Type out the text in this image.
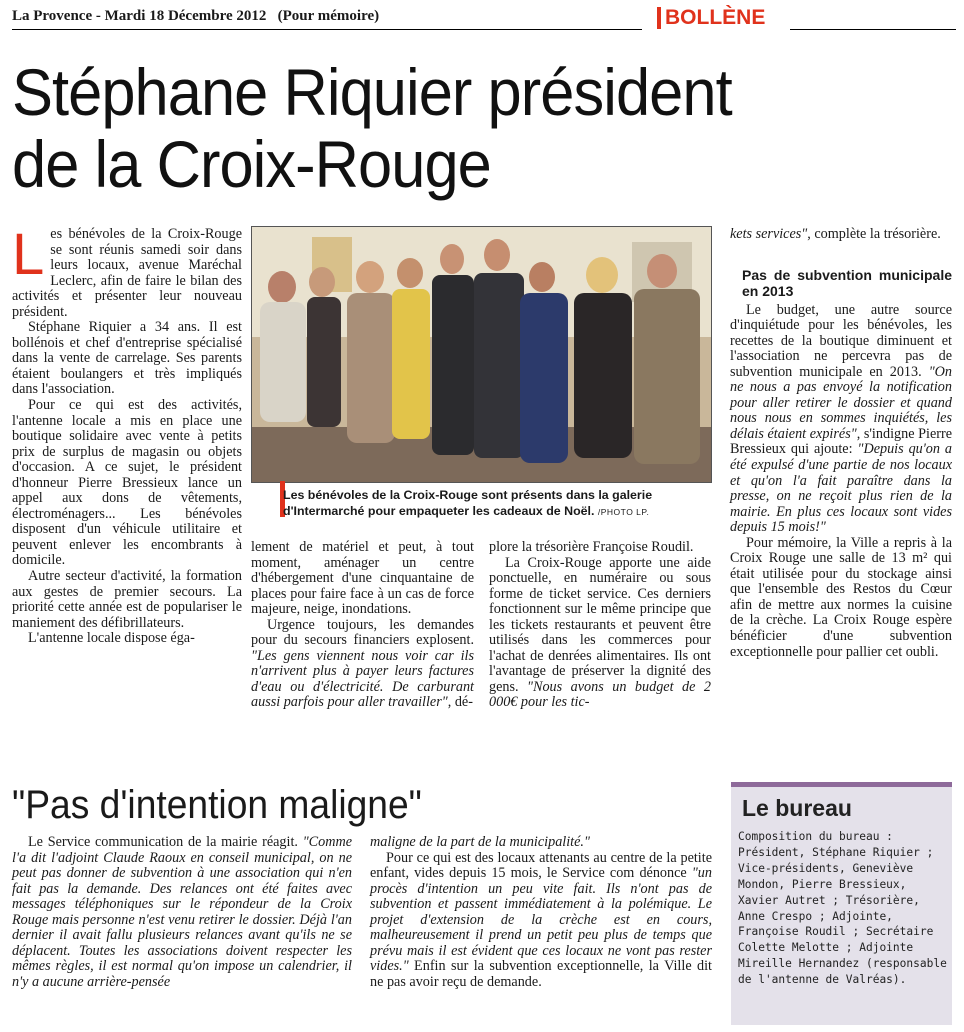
La Provence - Mardi 18 Décembre 2012 (Pour mémoire)	BOLLÈNE
Stéphane Riquier président
de la Croix-Rouge

Les bénévoles de la Croix-Rouge se sont réunis samedi soir dans leurs locaux, avenue Maréchal Leclerc, afin de faire le bilan des activités et présenter leur nouveau président.

Stéphane Riquier a 34 ans. Il est bollénois et chef d'entreprise spécialisé dans la vente de carrelage. Ses parents étaient boulangers et très impliqués dans l'association.

Pour ce qui est des activités, l'antenne locale a mis en place une boutique solidaire avec vente à petits prix de surplus de magasin ou objets d'occasion. A ce sujet, le président d'honneur Pierre Bressieux lance un appel aux dons de vêtements, électroménagers... Les bénévoles disposent d'un véhicule utilitaire et peuvent enlever les encombrants à domicile.

Autre secteur d'activité, la formation aux gestes de premier secours. La priorité cette année est de populariser le maniement des défibrillateurs.

L'antenne locale dispose éga-

Les bénévoles de la Croix-Rouge sont présents dans la galerie d'Intermarché pour empaqueter les cadeaux de Noël. /PHOTO LP.

lement de matériel et peut, à tout moment, aménager un centre d'hébergement d'une cinquantaine de places pour faire face à un cas de force majeure, neige, inondations.

Urgence toujours, les demandes pour du secours financiers explosent. "Les gens viennent nous voir car ils n'arrivent plus à payer leurs factures d'eau ou d'électricité. De carburant aussi parfois pour aller travailler", dé-

plore la trésorière Françoise Roudil.

La Croix-Rouge apporte une aide ponctuelle, en numéraire ou sous forme de ticket service. Ces derniers fonctionnent sur le même principe que les tickets restaurants et peuvent être utilisés dans les commerces pour l'achat de denrées alimentaires. Ils ont l'avantage de préserver la dignité des gens. "Nous avons un budget de 2 000€ pour les tic-

kets services", complète la trésorière.

Pas de subvention municipale en 2013

Le budget, une autre source d'inquiétude pour les bénévoles, les recettes de la boutique diminuent et l'association ne percevra pas de subvention municipale en 2013. "On ne nous a pas envoyé la notification pour aller retirer le dossier et quand nous nous en sommes inquiétés, les délais étaient expirés", s'indigne Pierre Bressieux qui ajoute: "Depuis qu'on a été expulsé d'une partie de nos locaux et qu'on l'a fait paraître dans la presse, on ne reçoit plus rien de la mairie. En plus ces locaux sont vides depuis 15 mois!"

Pour mémoire, la Ville a repris à la Croix Rouge une salle de 13 m² qui était utilisée pour du stockage ainsi que l'ensemble des Restos du Cœur afin de mettre aux normes la cuisine de la crèche. La Croix Rouge espère bénéficier d'une subvention exceptionnelle pour pallier cet oubli.

"Pas d'intention maligne"

Le Service communication de la mairie réagit. "Comme l'a dit l'adjoint Claude Raoux en conseil municipal, on ne peut pas donner de subvention à une association qui n'en fait pas la demande. Des relances ont été faites avec messages téléphoniques sur le répondeur de la Croix Rouge mais personne n'est venu retirer le dossier. Déjà l'an dernier il avait fallu plusieurs relances avant qu'ils ne se déplacent. Toutes les associations doivent respecter les mêmes règles, il est normal qu'on impose un calendrier, il n'y a aucune arrière-pensée

maligne de la part de la municipalité."

Pour ce qui est des locaux attenants au centre de la petite enfant, vides depuis 15 mois, le Service com dénonce "un procès d'intention un peu vite fait. Ils n'ont pas de subvention et passent immédiatement à la polémique. Le projet d'extension de la crèche est en cours, malheureusement il prend un petit peu plus de temps que prévu mais il est évident que ces locaux ne vont pas rester vides." Enfin sur la subvention exceptionnelle, la Ville dit ne pas avoir reçu de demande.

Le bureau
Composition du bureau : Président, Stéphane Riquier ; Vice-présidents, Geneviève Mondon, Pierre Bressieux, Xavier Autret ; Trésorière, Anne Crespo ; Adjointe, Françoise Roudil ; Secrétaire Colette Melotte ; Adjointe Mireille Hernandez (responsable de l'antenne de Valréas).
